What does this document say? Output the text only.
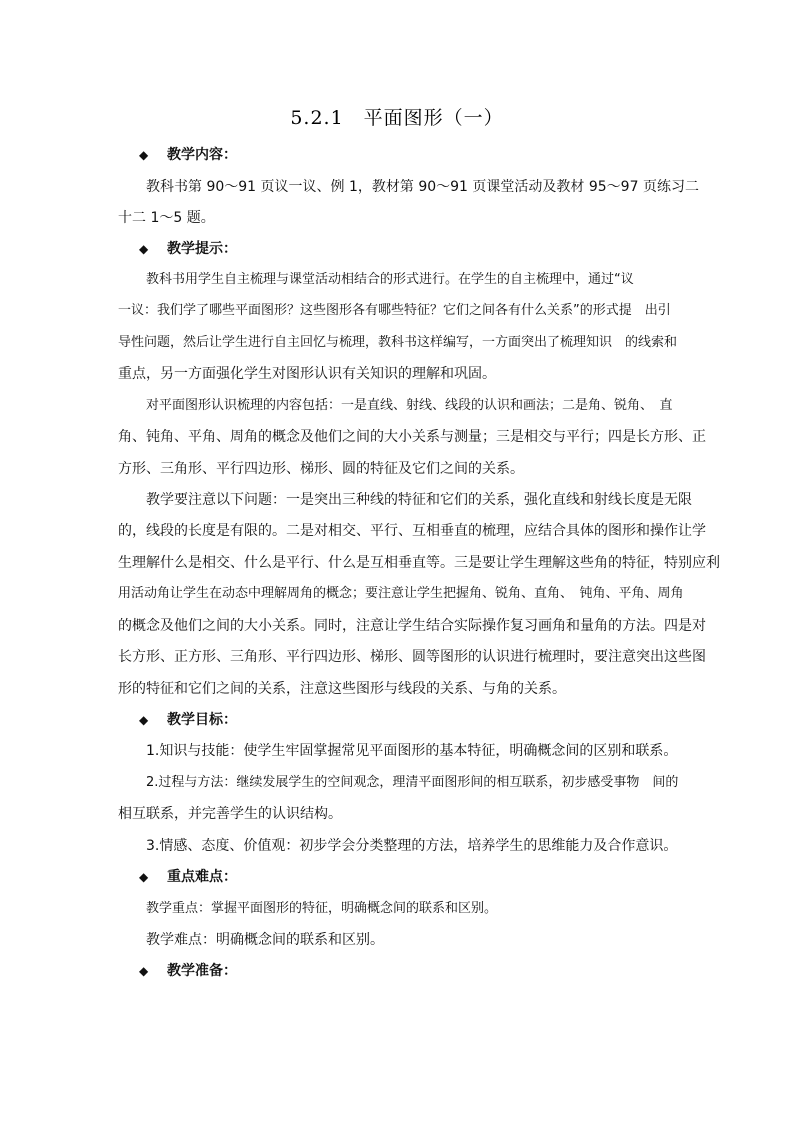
5.2.1　平面图形（一）
◆ 教学内容：
教科书第 90～91 页议一议、例 1，教材第 90～91 页课堂活动及教材 95～97 页练习二
十二 1～5 题。
◆ 教学提示：
教科书用学生自主梳理与课堂活动相结合的形式进行。在学生的自主梳理中，通过“议
一议：我们学了哪些平面图形？这些图形各有哪些特征？它们之间各有什么关系”的形式提　出引
导性问题，然后让学生进行自主回忆与梳理，教科书这样编写，一方面突出了梳理知识　的线索和
重点，另一方面强化学生对图形认识有关知识的理解和巩固。
对平面图形认识梳理的内容包括：一是直线、射线、线段的认识和画法；二是角、锐角、　直
角、钝角、平角、周角的概念及他们之间的大小关系与测量；三是相交与平行；四是长方形、正
方形、三角形、平行四边形、梯形、圆的特征及它们之间的关系。
教学要注意以下问题：一是突出三种线的特征和它们的关系，强化直线和射线长度是无限
的，线段的长度是有限的。二是对相交、平行、互相垂直的梳理，应结合具体的图形和操作让学
生理解什么是相交、什么是平行、什么是互相垂直等。三是要让学生理解这些角的特征，特别应利
用活动角让学生在动态中理解周角的概念；要注意让学生把握角、锐角、直角、　钝角、平角、周角
的概念及他们之间的大小关系。同时，注意让学生结合实际操作复习画角和量角的方法。四是对
长方形、正方形、三角形、平行四边形、梯形、圆等图形的认识进行梳理时，要注意突出这些图
形的特征和它们之间的关系，注意这些图形与线段的关系、与角的关系。
◆ 教学目标：
1.知识与技能：使学生牢固掌握常见平面图形的基本特征，明确概念间的区别和联系。
2.过程与方法：继续发展学生的空间观念，理清平面图形间的相互联系，初步感受事物　间的
相互联系，并完善学生的认识结构。
3.情感、态度、价值观：初步学会分类整理的方法，培养学生的思维能力及合作意识。
◆ 重点难点：
教学重点：掌握平面图形的特征，明确概念间的联系和区别。
教学难点：明确概念间的联系和区别。
◆ 教学准备：
